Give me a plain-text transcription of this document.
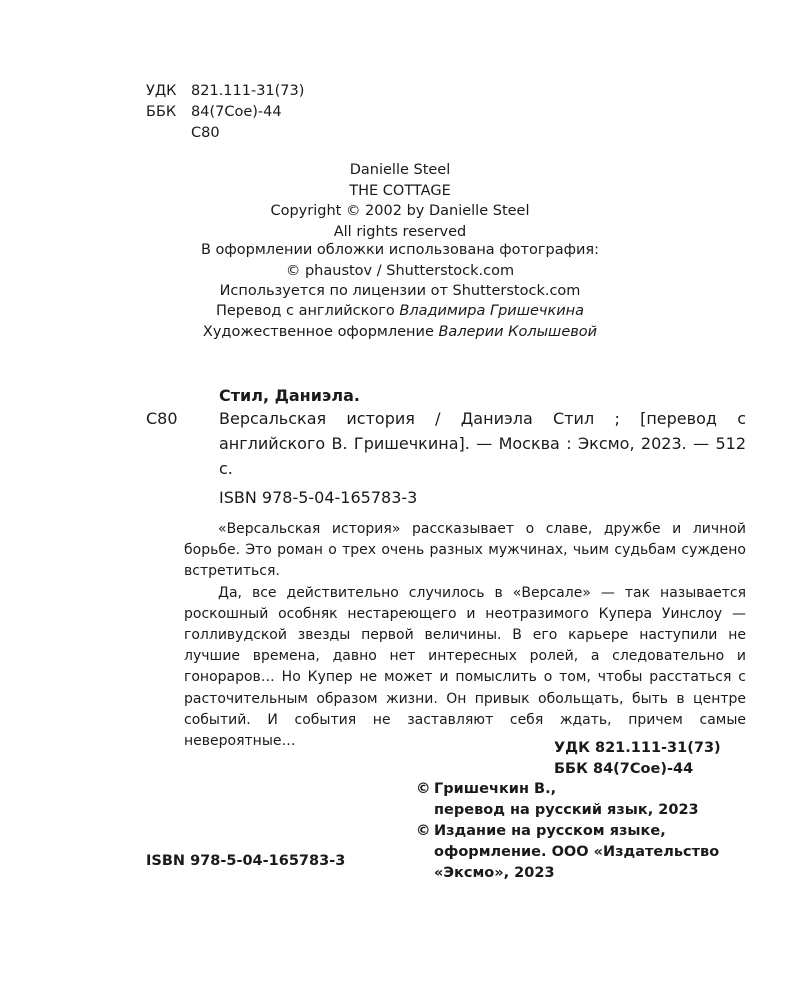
УДК 821.111-31(73)
ББК 84(7Сое)-44
С80
Danielle Steel
THE COTTAGE
Copyright © 2002 by Danielle Steel
All rights reserved
В оформлении обложки использована фотография:
© phaustov / Shutterstock.com
Используется по лицензии от Shutterstock.com
Перевод с английского Владимира Гришечкина
Художественное оформление Валерии Колышевой
Стил, Даниэла.
С80	Версальская история / Даниэла Стил ; [перевод с английского В. Гришечкина]. — Москва : Эксмо, 2023. — 512 с.
ISBN 978-5-04-165783-3

«Версальская история» рассказывает о славе, дружбе и личной борьбе. Это роман о трех очень разных мужчинах, чьим судьбам суждено встретиться.

Да, все действительно случилось в «Версале» — так называется роскошный особняк нестареющего и неотразимого Купера Уинслоу — голливудской звезды первой величины. В его карьере наступили не лучшие времена, давно нет интересных ролей, а следовательно и гонораров… Но Купер не может и помыслить о том, чтобы расстаться с расточительным образом жизни. Он привык обольщать, быть в центре событий. И события не заставляют себя ждать, причем самые невероятные…	УДК 821.111-31(73)
ББК 84(7Сое)-44
© Гришечкин В.,
перевод на русский язык, 2023
© Издание на русском языке,
оформление. ООО «Издательство
«Эксмо», 2023
ISBN 978-5-04-165783-3
